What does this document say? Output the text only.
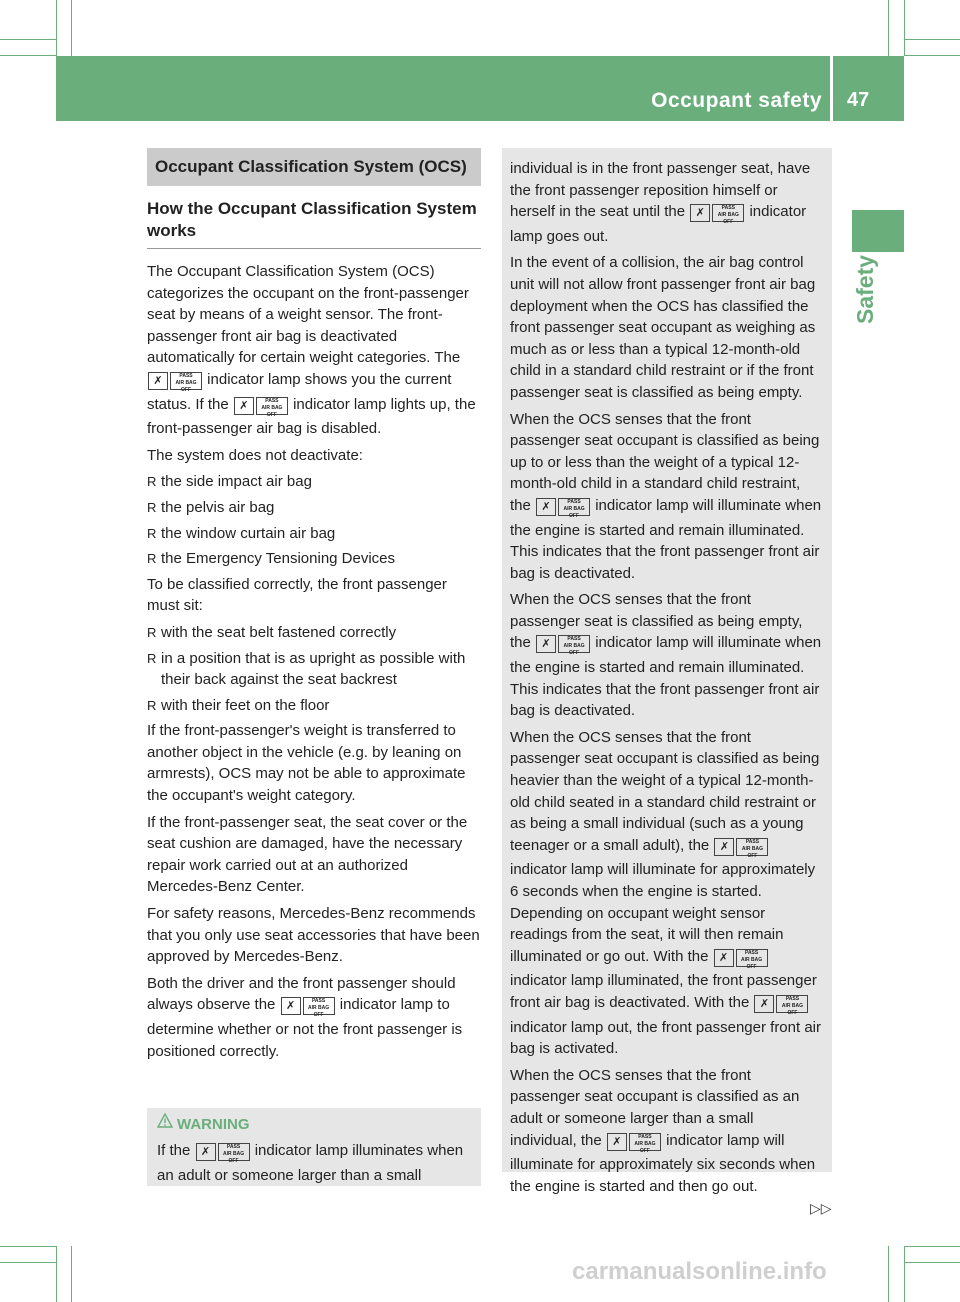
Occupant safety 47
Safety
Occupant Classification System (OCS)
How the Occupant Classification System works

The Occupant Classification System (OCS) categorizes the occupant on the front-passenger seat by means of a weight sensor. The front-passenger front air bag is deactivated automatically for certain weight categories. The ✗	PASS
AIR BAG OFF indicator lamp shows you the current status. If the ✗	PASS
AIR BAG OFF indicator lamp lights up, the front-passenger air bag is disabled.

The system does not deactivate:

R the side impact air bag
R the pelvis air bag
R the window curtain air bag
R the Emergency Tensioning Devices

To be classified correctly, the front passenger must sit:

R with the seat belt fastened correctly
R in a position that is as upright as possible with their back against the seat backrest
R with their feet on the floor

If the front-passenger's weight is transferred to another object in the vehicle (e.g. by leaning on armrests), OCS may not be able to approximate the occupant's weight category.

If the front-passenger seat, the seat cover or the seat cushion are damaged, have the necessary repair work carried out at an authorized Mercedes-Benz Center.

For safety reasons, Mercedes-Benz recommends that you only use seat accessories that have been approved by Mercedes-Benz.

Both the driver and the front passenger should always observe the ✗	PASS
AIR BAG OFF indicator lamp to determine whether or not the front passenger is positioned correctly.

WARNING

If the ✗	PASS
AIR BAG OFF indicator lamp illuminates when an adult or someone larger than a small

individual is in the front passenger seat, have the front passenger reposition himself or herself in the seat until the ✗	PASS
AIR BAG OFF indicator lamp goes out.

In the event of a collision, the air bag control unit will not allow front passenger front air bag deployment when the OCS has classified the front passenger seat occupant as weighing as much as or less than a typical 12-month-old child in a standard child restraint or if the front passenger seat is classified as being empty.

When the OCS senses that the front passenger seat occupant is classified as being up to or less than the weight of a typical 12-month-old child in a standard child restraint, the ✗	PASS
AIR BAG OFF indicator lamp will illuminate when the engine is started and remain illuminated. This indicates that the front passenger front air bag is deactivated.

When the OCS senses that the front passenger seat is classified as being empty, the ✗	PASS
AIR BAG OFF indicator lamp will illuminate when the engine is started and remain illuminated. This indicates that the front passenger front air bag is deactivated.

When the OCS senses that the front passenger seat occupant is classified as being heavier than the weight of a typical 12-month-old child seated in a standard child restraint or as being a small individual (such as a young teenager or a small adult), the ✗	PASS
AIR BAG OFF indicator lamp will illuminate for approximately 6 seconds when the engine is started. Depending on occupant weight sensor readings from the seat, it will then remain illuminated or go out. With the ✗	PASS
AIR BAG OFF indicator lamp illuminated, the front passenger front air bag is deactivated. With the ✗	PASS
AIR BAG OFF indicator lamp out, the front passenger front air bag is activated.

When the OCS senses that the front passenger seat occupant is classified as an adult or someone larger than a small individual, the ✗	PASS
AIR BAG OFF indicator lamp will illuminate for approximately six seconds when the engine is started and then go out.

▷▷
carmanualsonline.info
